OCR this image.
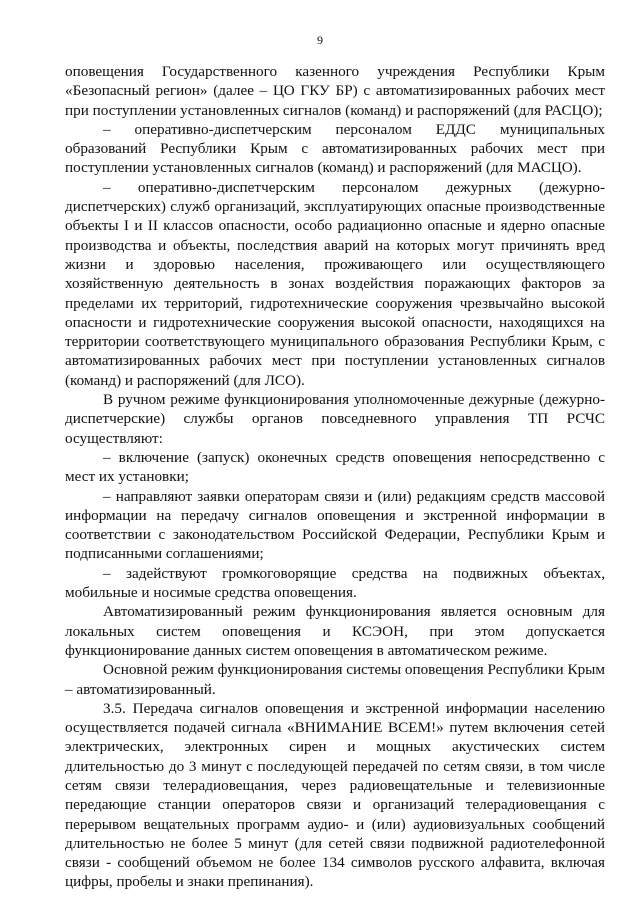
9

оповещения Государственного казенного учреждения Республики Крым «Безопасный регион» (далее – ЦО ГКУ БР) с автоматизированных рабочих мест при поступлении установленных сигналов (команд) и распоряжений (для РАСЦО);

– оперативно-диспетчерским персоналом ЕДДС муниципальных образований Республики Крым с автоматизированных рабочих мест при поступлении установленных сигналов (команд) и распоряжений (для МАСЦО).

– оперативно-диспетчерским персоналом дежурных (дежурно-диспетчерских) служб организаций, эксплуатирующих опасные производственные объекты I и II классов опасности, особо радиационно опасные и ядерно опасные производства и объекты, последствия аварий на которых могут причинять вред жизни и здоровью населения, проживающего или осуществляющего хозяйственную деятельность в зонах воздействия поражающих факторов за пределами их территорий, гидротехнические сооружения чрезвычайно высокой опасности и гидротехнические сооружения высокой опасности, находящихся на территории соответствующего муниципального образования Республики Крым, с автоматизированных рабочих мест при поступлении установленных сигналов (команд) и распоряжений (для ЛСО).

В ручном режиме функционирования уполномоченные дежурные (дежурно-диспетчерские) службы органов повседневного управления ТП РСЧС осуществляют:

– включение (запуск) оконечных средств оповещения непосредственно с мест их установки;

– направляют заявки операторам связи и (или) редакциям средств массовой информации на передачу сигналов оповещения и экстренной информации в соответствии с законодательством Российской Федерации, Республики Крым и подписанными соглашениями;

– задействуют громкоговорящие средства на подвижных объектах, мобильные и носимые средства оповещения.

Автоматизированный режим функционирования является основным для локальных систем оповещения и КСЭОН, при этом допускается функционирование данных систем оповещения в автоматическом режиме.

Основной режим функционирования системы оповещения Республики Крым – автоматизированный.

3.5. Передача сигналов оповещения и экстренной информации населению осуществляется подачей сигнала «ВНИМАНИЕ ВСЕМ!» путем включения сетей электрических, электронных сирен и мощных акустических систем длительностью до 3 минут с последующей передачей по сетям связи, в том числе сетям связи телерадиовещания, через радиовещательные и телевизионные передающие станции операторов связи и организаций телерадиовещания с перерывом вещательных программ аудио- и (или) аудиовизуальных сообщений длительностью не более 5 минут (для сетей связи подвижной радиотелефонной связи - сообщений объемом не более 134 символов русского алфавита, включая цифры, пробелы и знаки препинания).
